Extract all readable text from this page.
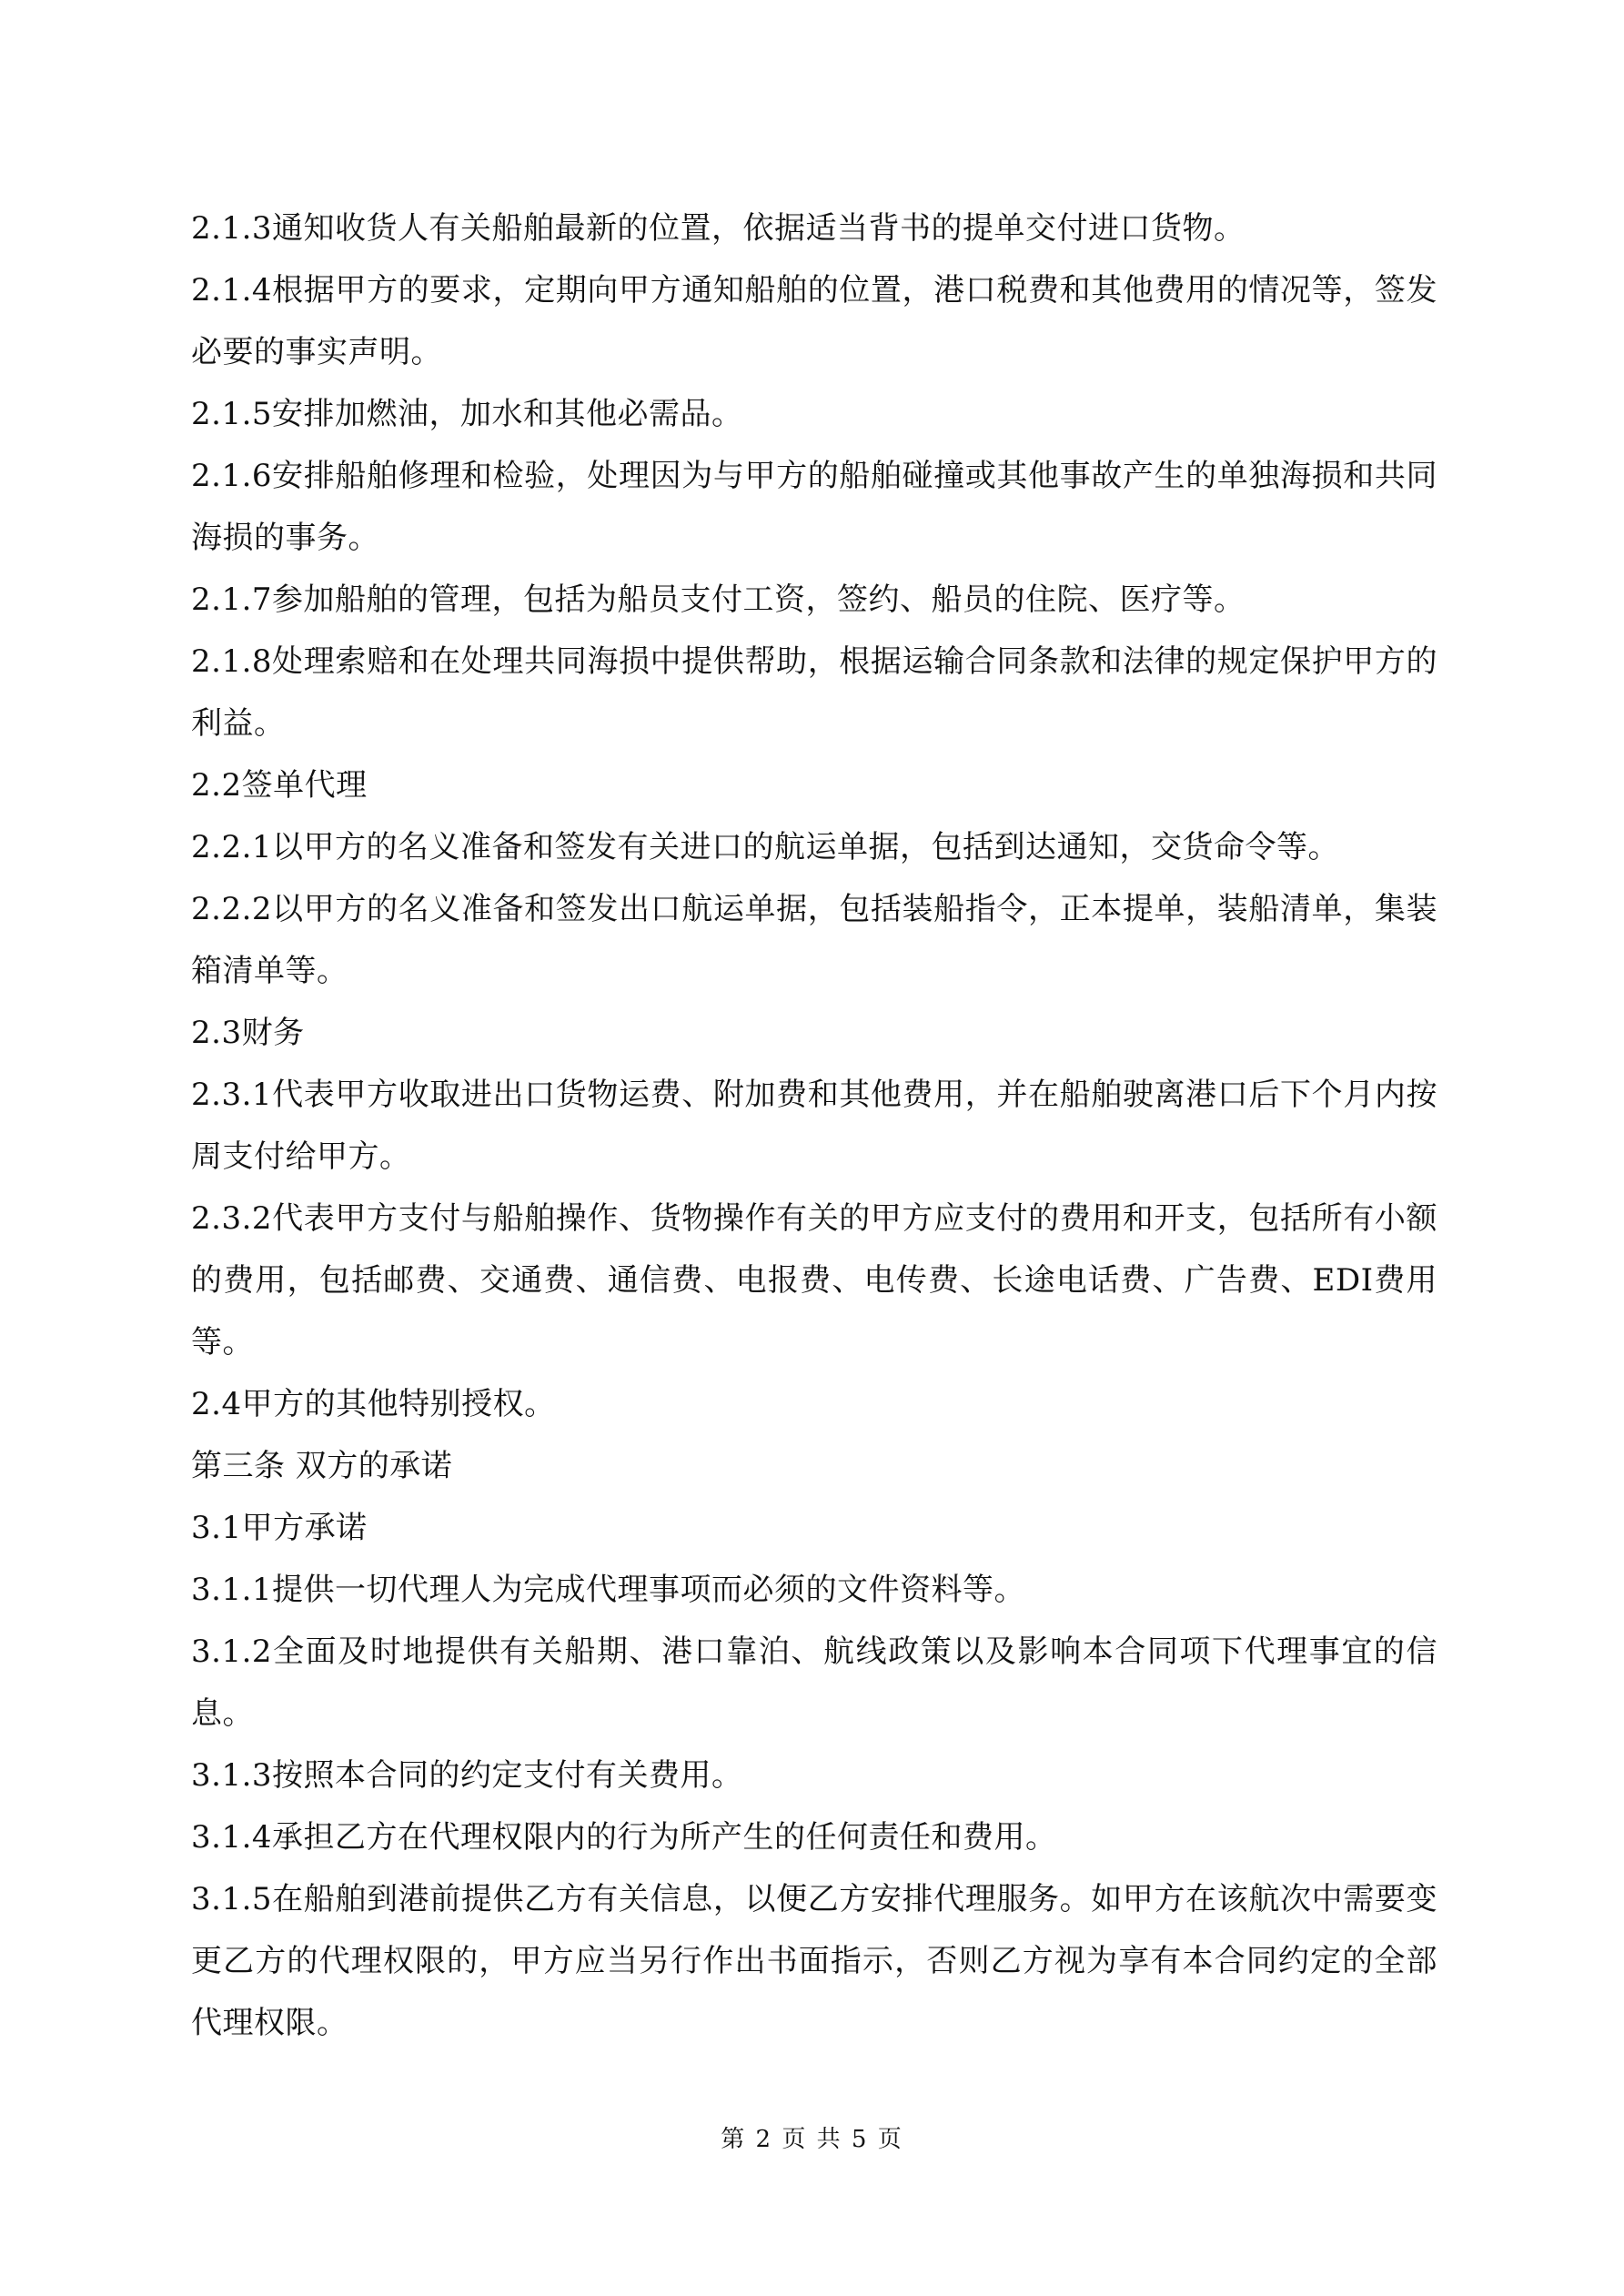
2.1.3通知收货人有关船舶最新的位置，依据适当背书的提单交付进口货物。

2.1.4根据甲方的要求，定期向甲方通知船舶的位置，港口税费和其他费用的情况等，签发必要的事实声明。

2.1.5安排加燃油，加水和其他必需品。

2.1.6安排船舶修理和检验，处理因为与甲方的船舶碰撞或其他事故产生的单独海损和共同海损的事务。

2.1.7参加船舶的管理，包括为船员支付工资，签约、船员的住院、医疗等。

2.1.8处理索赔和在处理共同海损中提供帮助，根据运输合同条款和法律的规定保护甲方的利益。

2.2签单代理

2.2.1以甲方的名义准备和签发有关进口的航运单据，包括到达通知，交货命令等。

2.2.2以甲方的名义准备和签发出口航运单据，包括装船指令，正本提单，装船清单，集装箱清单等。

2.3财务

2.3.1代表甲方收取进出口货物运费、附加费和其他费用，并在船舶驶离港口后下个月内按周支付给甲方。

2.3.2代表甲方支付与船舶操作、货物操作有关的甲方应支付的费用和开支，包括所有小额的费用，包括邮费、交通费、通信费、电报费、电传费、长途电话费、广告费、EDI费用等。

2.4甲方的其他特别授权。

第三条 双方的承诺

3.1甲方承诺

3.1.1提供一切代理人为完成代理事项而必须的文件资料等。

3.1.2全面及时地提供有关船期、港口靠泊、航线政策以及影响本合同项下代理事宜的信息。

3.1.3按照本合同的约定支付有关费用。

3.1.4承担乙方在代理权限内的行为所产生的任何责任和费用。

3.1.5在船舶到港前提供乙方有关信息，以便乙方安排代理服务。如甲方在该航次中需要变更乙方的代理权限的，甲方应当另行作出书面指示，否则乙方视为享有本合同约定的全部代理权限。

第 2 页 共 5 页
